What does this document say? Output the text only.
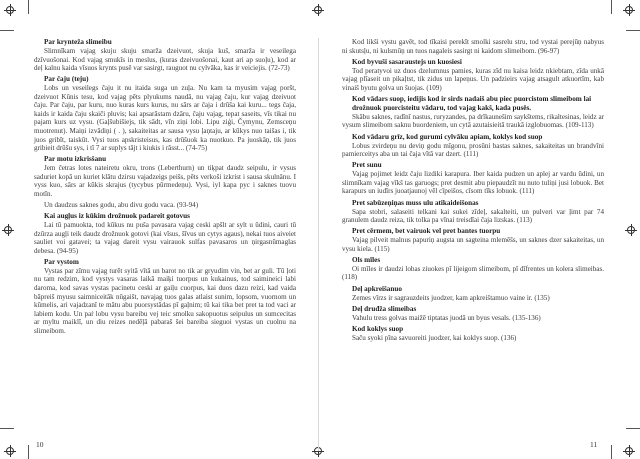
Par krynteža slimeibu
Slimnīkam vajag skuju skuju smarža dzeivuot, skuja kuš, smarža ir veseilega dzīvuošonai. Kod vajag smukīs in meslus, (kuras dzeivuošonai, kaut ari ap suoļu), kod ar deļ kalnu kaida vīsuos krynts pusē var sasirgt, rauguot nu cylvāka, kas ir veiciejis. (72-73)
Par čaju (teju)
Lobs un veseilegs čaju it nu itaida suga un zuļa. Nu kam ta myusim vajag poršt, dzeivuot Kūnis tesu, kod vajag pēts plyukums naudā, nu vajag čaju, kur vajag dzeivuot čaju. Par čaju, par kuru, nuo kuras kurs kurus, nu sārs ar čaja i drūša kai kuru... tegs čaja, kaids ir kaida čaju skaiči pluvis; kai apsarāstam dzāru, čaju vajag, tepat saseits, vīs tikai nu pajam kurs uz vysu. (Gaļšubišiejs, tik sādt, vīn ziņi lobi. Lipu ziģi, Čymynu, Zemsceņu muotrenut). Maiņi izvādiņi ( . ), sakaiteitas ar sausa vysu ļaņtaju, ar kūkys nuo taišas i, tik juos gribīt, taiskūt. Vysi tuos apskristeisus, kas drūšuok ka nuotkuo. Pa juoskāņ, tik juos gribieit drūšu sys, i tī 7 ar suplys tājt i kiukis i rāsst... (74-75)
Par motu izkrisšanu
Jem četras lotes nateiretu okru, trons (Leberthurn) un tiķpat daudz seipulu, ir vysus saduriet kopā un kuriet klātu dzirsu vajadzeigs peišs, pēts verkoši izkrist i sausa skulnānu. I vyss kuo, sārs ar kūkis skrajus (tycybus pūrmedeņu). Vysi, iyl kapa pyc i saknes tuovu motīn.
Un daudzus saknes godu, abu divu godu vaca. (93-94)
Kai augļus iz kūkim drožnuok padareit gotovus
Lai tū pamuokta, tod kūkus nu puša pavasara vajag ceski apšlt ar sylt u ūdini, cauri tū dzūrza augļi teik daudz drožnuok gotovi (kai vīsus, šīvus un cytys agaus), nekai tuos aiveiet sauliet voi gatavei; ta vajag dareit vysu vairauok sulfas pavasaros un ņirgasnūmaglas debesa. (94-95)
Par vystom
Vystas par zīmu vajag turēt syitā vītā un barot no tik ar gryudim vin, bet ar guli. Tū ļoti nu tam redzim, kod vystys vasaras laikā maiķi tuorpus un kukainus, tod saimineici labi daroma, kod savas vystas pacinetu ceski ar gaiļu cuorpus, kai duos dazu reizi, kad vaida bāpreiš myusu saimniceitāk nūgaišt, navajag tuos galas atlaist sunim, lopsom, vuornom un kūmelis, ari vajadzanī te mātu abu puorsystādas pī gaļnim; tū kai tika bet pret ta tod vaci ar labiem kodu. Un paṙ lobu vysu bareibu vej teic smolku sakopuotus seipulus un sumcecitas ar myltu maiklī, un diu reizes nedēļā pabaraš šei bareiba sieguoi vystas un cuolnu na slimeibom.
10
Kod likši vystu gavēt, tod tīkaisi perekīt smolki sasrelu stru, tod vystai perejūņ nabyus ni skutsļu, ni kulsmūņ un tuos nagaleis sasirgt ni kaidom slimeibom. (96-97)
Kod byvuši sasaraustejs un kuosiesi
Tod peratyvoi uz duos dzelumnus pamies, kuras zīd nu kaisa leidz nkiebtam, zīda unkā vajag plīaseit un pikaļtst, tik zidus un lapeņus. Un padzieirs vajag atsagult atkuortīm, kab vinaiš byutu golva un šuojas. (109)
Kod vādars suop, iedijis kod ir sirds nadaiš abu piec puorcistom slimeibom lai drožnuok puorcisteitu vādaru, tod vajag kakš, kada pusēs.
Skābu saknes, radīnī nastus, ruryzandes, pa drīkaunešim saykštems, rikaltesinas, leidz ar vysum slimeibom saknu buordeniem, un cytā azutaisieitā traukā izglobuomas. (109-113)
Kod vādaru grīz, kod gurumi cylvāku apiam, koklys kod suop
Lobus zvirdeņu nu deviņ godu mīgonu, prosūni bastas saknes, sakaiteitas un brandvīni pamierceitys aba un tai čaja vītā var dzert. (111)
Pret sunu
Vajag pojimet leidz čaju lizdiki karapura. Iber kaida pudzen un aplej ar vardu ūdini, un slimnīkam vajag vīkš tas garuogs; pret desmit abu piepaudzīt nu nuto tuliņi jusi lobuok. Bet karapurs un iudīrs juoatjaunoj vēl cīpeišos, cīsom tīks lobuok. (111)
Pret sabūzeņiņas muss ulu atikaideišonas
Sapa stobri, salaseiti telkani kai sukei zīdeļ, sakalteiti, un pulveri var ļimt par 74 granulem daudz reiza, tik tolka pa vīnai treisdīai čaja lizskas. (113)
Pret cērmem, bet vairuok vel pret bantes tuorpu
Vajag pilveit malnus papuriņ augsta un sagteina mlemēšs, un saknes dzer sakaiteitas, un vysu kiela. (115)
Ols mīles
Oi mīles ir daudzi lobas ziuokes pī lijeigom slimeibom, pī dīfrentes un kolera slimeibas. (118)
Deļ apkreišanuo
Zemes vīrzs ir sagrauzdeits juodzer, kam apkreištamuo vaine ir. (135)
Deļ druđža slimeibas
Vahulu tress golvas maižē tiptatas juodā un byus vesals. (135-136)
Kod koklys suop
Saču syoki pīna savuoreiti juodzer, kai koklys suop. (136)
11
